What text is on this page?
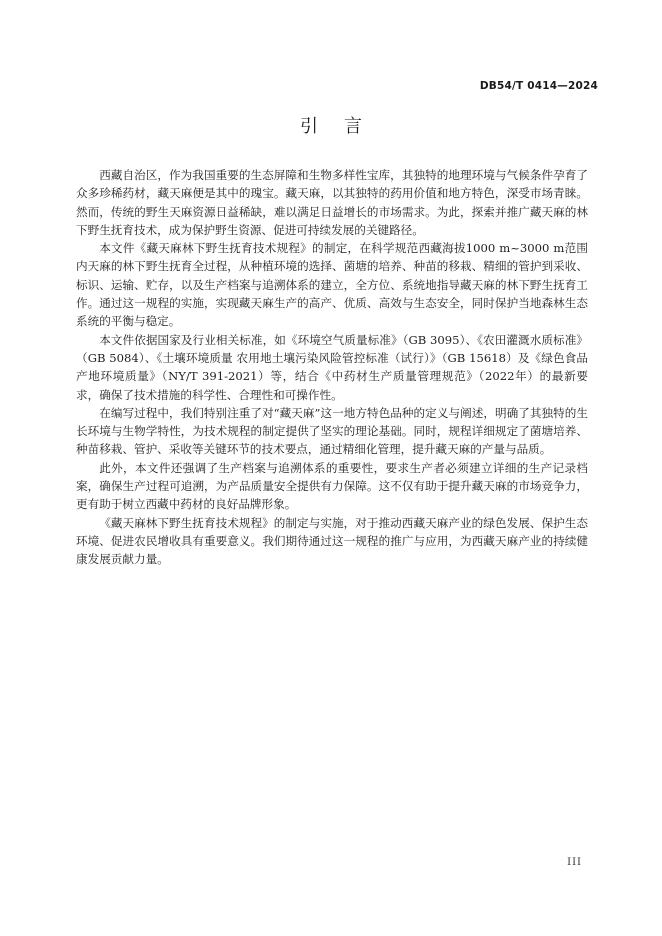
DB54/T 0414—2024
引言

西藏自治区，作为我国重要的生态屏障和生物多样性宝库，其独特的地理环境与气候条件孕育了众多珍稀药材，藏天麻便是其中的瑰宝。藏天麻，以其独特的药用价值和地方特色，深受市场青睐。然而，传统的野生天麻资源日益稀缺，难以满足日益增长的市场需求。为此，探索并推广藏天麻的林下野生抚育技术，成为保护野生资源、促进可持续发展的关键路径。

本文件《藏天麻林下野生抚育技术规程》的制定，在科学规范西藏海拔1000 m~3000 m范围内天麻的林下野生抚育全过程，从种植环境的选择、菌塘的培养、种苗的移栽、精细的管护到采收、标识、运输、贮存，以及生产档案与追溯体系的建立，全方位、系统地指导藏天麻的林下野生抚育工作。通过这一规程的实施，实现藏天麻生产的高产、优质、高效与生态安全，同时保护当地森林生态系统的平衡与稳定。

本文件依据国家及行业相关标准，如《环境空气质量标准》（GB 3095）、《农田灌溉水质标准》（GB 5084）、《土壤环境质量 农用地土壤污染风险管控标准（试行）》（GB 15618）及《绿色食品 产地环境质量》（NY/T 391-2021）等，结合《中药材生产质量管理规范》（2022年）的最新要求，确保了技术措施的科学性、合理性和可操作性。

在编写过程中，我们特别注重了对“藏天麻”这一地方特色品种的定义与阐述，明确了其独特的生长环境与生物学特性，为技术规程的制定提供了坚实的理论基础。同时，规程详细规定了菌塘培养、种苗移栽、管护、采收等关键环节的技术要点，通过精细化管理，提升藏天麻的产量与品质。

此外，本文件还强调了生产档案与追溯体系的重要性，要求生产者必须建立详细的生产记录档案，确保生产过程可追溯，为产品质量安全提供有力保障。这不仅有助于提升藏天麻的市场竞争力，更有助于树立西藏中药材的良好品牌形象。

《藏天麻林下野生抚育技术规程》的制定与实施，对于推动西藏天麻产业的绿色发展、保护生态环境、促进农民增收具有重要意义。我们期待通过这一规程的推广与应用，为西藏天麻产业的持续健康发展贡献力量。

III
